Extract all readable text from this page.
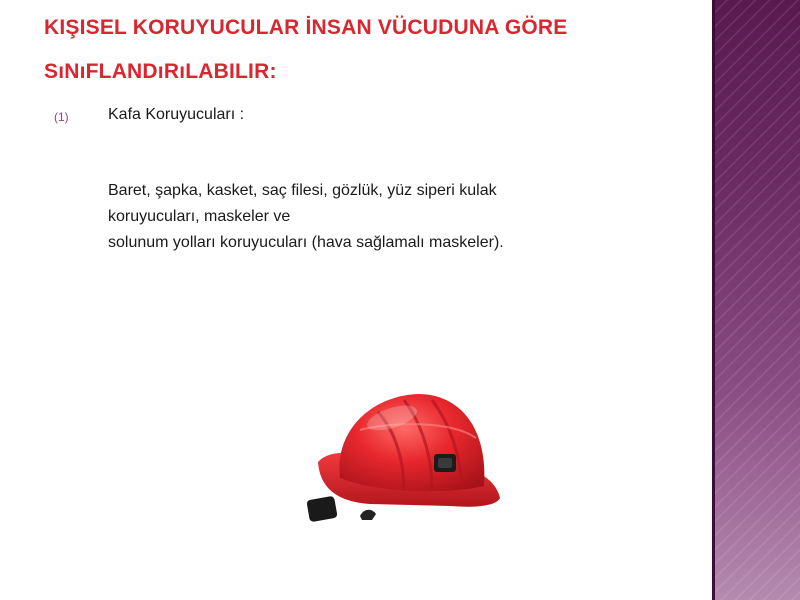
KIŞISEL KORUYUCULAR İNSAN VÜCUDUNA GÖRE
SıNıFLANDıRıLABILIR:
(1) Kafa Koruyucuları :
Baret, şapka, kasket, saç filesi, gözlük, yüz siperi kulak
koruyucuları, maskeler ve
solunum yolları koruyucuları (hava sağlamalı maskeler).
